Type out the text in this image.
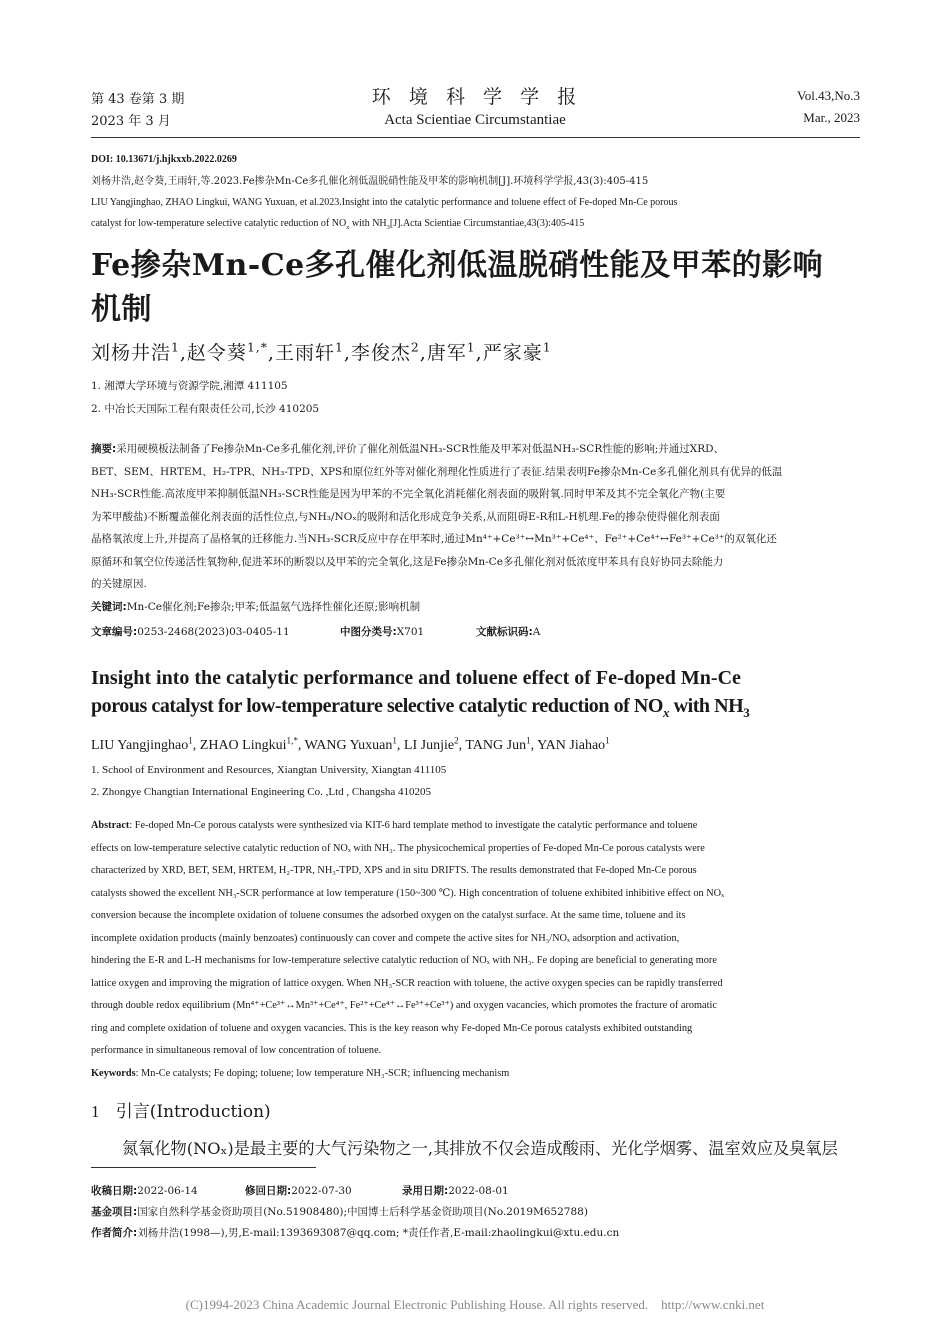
第 43 卷第 3 期
2023 年 3 月
环  境  科  学  学  报
Acta Scientiae Circumstantiae
Vol.43,No.3
Mar., 2023
DOI: 10.13671/j.hjkxxb.2022.0269
刘杨井浩,赵令葵,王雨轩,等.2023.Fe掺杂Mn-Ce多孔催化剂低温脱硝性能及甲苯的影响机制[J].环境科学学报,43(3):405-415
LIU Yangjinghao, ZHAO Lingkui, WANG Yuxuan, et al.2023.Insight into the catalytic performance and toluene effect of Fe-doped Mn-Ce porous
catalyst for low-temperature selective catalytic reduction of $NO_x$ with $NH_3[J].Acta$ Scientiae Circumstantiae,43(3):405-415
Fe掺杂Mn-Ce多孔催化剂低温脱硝性能及甲苯的影响
机制
刘杨井浩$^1$,赵令葵$^{1,*}$,王雨轩$^1$,李俊杰$^2$,唐军$^1$,严家豪$^1$
1. 湘潭大学环境与资源学院,湘潭 411105
2. 中冶长天国际工程有限责任公司,长沙 410205
摘要:采用硬模板法制备了Fe掺杂Mn-Ce多孔催化剂,评价了催化剂低温NH₃-SCR性能及甲苯对低温NH₃-SCR性能的影响;并通过XRD、
BET、SEM、HRTEM、H₂-TPR、NH₃-TPD、XPS和原位红外等对催化剂理化性质进行了表征.结果表明Fe掺杂Mn-Ce多孔催化剂具有优异的低温
NH₃-SCR性能.高浓度甲苯抑制低温NH₃-SCR性能是因为甲苯的不完全氧化消耗催化剂表面的吸附氧.同时甲苯及其不完全氧化产物(主要
为苯甲酸盐)不断覆盖催化剂表面的活性位点,与NH₃/NOₓ的吸附和活化形成竞争关系,从而阻碍E-R和L-H机理.Fe的掺杂使得催化剂表面
晶格氧浓度上升,并提高了晶格氧的迁移能力.当NH₃-SCR反应中存在甲苯时,通过Mn⁴⁺+Ce³⁺↔Mn³⁺+Ce⁴⁺、Fe²⁺+Ce⁴⁺↔Fe³⁺+Ce³⁺的双氧化还
原循环和氧空位传递活性氧物种,促进苯环的断裂以及甲苯的完全氧化,这是Fe掺杂Mn-Ce多孔催化剂对低浓度甲苯具有良好协同去除能力
的关键原因.
关键词:Mn-Ce催化剂;Fe掺杂;甲苯;低温氨气选择性催化还原;影响机制
文章编号:0253-2468(2023)03-0405-11	中图分类号:X701	文献标识码:A
Insight into the catalytic performance and toluene effect of Fe-doped Mn-Ce
porous catalyst for low-temperature selective catalytic reduction of $NO_x$ with $NH_3$
LIU Yangjinghao$^1$, ZHAO Lingkui$^{1,*}$, WANG Yuxuan$^1$, LI Junjie$^2$, TANG Jun$^1$, YAN Jiahao$^1$
1. School of Environment and Resources, Xiangtan University, Xiangtan 411105
2. Zhongye Changtian International Engineering Co. ,Ltd , Changsha 410205
Abstract: Fe-doped Mn-Ce porous catalysts were synthesized via KIT-6 hard template method to investigate the catalytic performance and toluene
effects on low-temperature selective catalytic reduction of NOₓ with NH₃. The physicochemical properties of Fe-doped Mn-Ce porous catalysts were
characterized by XRD, BET, SEM, HRTEM, H₂-TPR, NH₃-TPD, XPS and in situ DRIFTS. The results demonstrated that Fe-doped Mn-Ce porous
catalysts showed the excellent NH₃-SCR performance at low temperature (150~300 ℃). High concentration of toluene exhibited inhibitive effect on NOₓ
conversion because the incomplete oxidation of toluene consumes the adsorbed oxygen on the catalyst surface. At the same time, toluene and its
incomplete oxidation products (mainly benzoates) continuously can cover and compete the active sites for NH₃/NOₓ adsorption and activation,
hindering the E-R and L-H mechanisms for low-temperature selective catalytic reduction of NOₓ with NH₃. Fe doping are beneficial to generating more
lattice oxygen and improving the migration of lattice oxygen. When NH₃-SCR reaction with toluene, the active oxygen species can be rapidly transferred
through double redox equilibrium (Mn⁴⁺+Ce³⁺↔Mn³⁺+Ce⁴⁺, Fe²⁺+Ce⁴⁺↔Fe³⁺+Ce³⁺) and oxygen vacancies, which promotes the fracture of aromatic
ring and complete oxidation of toluene and oxygen vacancies. This is the key reason why Fe-doped Mn-Ce porous catalysts exhibited outstanding
performance in simultaneous removal of low concentration of toluene.
Keywords: Mn-Ce catalysts; Fe doping; toluene; low temperature NH₃-SCR; influencing mechanism
1 引言(Introduction)
氮氧化物(NOₓ)是最主要的大气污染物之一,其排放不仅会造成酸雨、光化学烟雾、温室效应及臭氧层
收稿日期:2022-06-14	修回日期:2022-07-30	录用日期:2022-08-01
基金项目:国家自然科学基金资助项目(No.51908480);中国博士后科学基金资助项目(No.2019M652788)
作者简介:刘杨井浩(1998—),男,E-mail:1393693087@qq.com; *责任作者,E-mail:zhaolingkui@xtu.edu.cn
(C)1994-2023 China Academic Journal Electronic Publishing House. All rights reserved.    http://www.cnki.net
